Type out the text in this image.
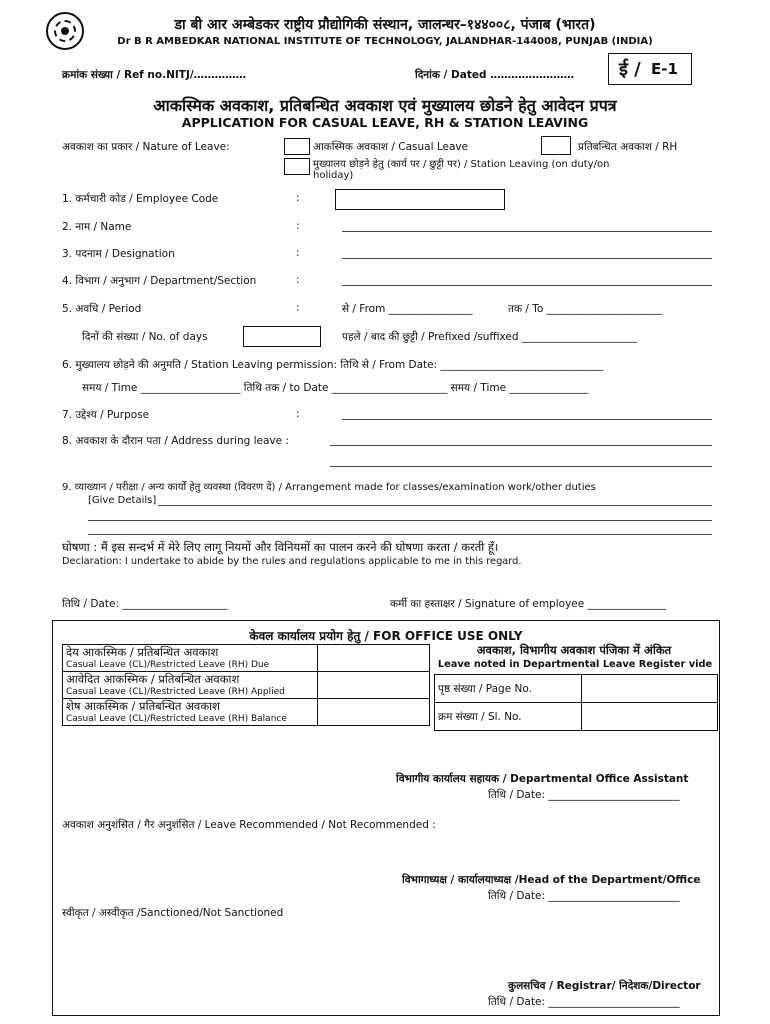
डा बी आर अम्बेडकर राष्ट्रीय प्रौद्योगिकी संस्थान, जालन्धर–१४४००८, पंजाब (भारत)
Dr B R AMBEDKAR NATIONAL INSTITUTE OF TECHNOLOGY, JALANDHAR-144008, PUNJAB (INDIA)
क्रमांक संख्या / Ref no.NITJ/……………	दिनांक / Dated …………………… ई / E-1
आकस्मिक अवकाश, प्रतिबन्धित अवकाश एवं मुख्यालय छोडने हेतु आवेदन प्रपत्र
APPLICATION FOR CASUAL LEAVE, RH & STATION LEAVING
अवकाश का प्रकार / Nature of Leave:	आकस्मिक अवकाश / Casual Leave	प्रतिबन्धित अवकाश / RH
मुख्यालय छोड़ने हेतु (कार्य पर / छुट्टी पर) / Station Leaving (on duty/on
holiday)
1. कर्मचारी कोड / Employee Code	:
2. नाम / Name	:
3. पदनाम / Designation	:
4. विभाग / अनुभाग / Department/Section	:
5. अवधि / Period	:	से / From ________________	तक / To ______________________
दिनों की संख्या / No. of days	पहले / बाद की छुट्टी / Prefixed /suffixed ______________________
6. मुख्यालय छोड़ने की अनुमति / Station Leaving permission: तिथि से / From Date: _______________________________
समय / Time ___________________ तिथि तक / to Date ______________________ समय / Time _______________
7. उद्देश्य / Purpose	:
8. अवकाश के दौरान पता / Address during leave :
9. व्याख्यान / परीक्षा / अन्य कार्यों हेतु व्यवस्था (विवरण दें) / Arrangement made for classes/examination work/other duties
[Give Details]
घोषणा : मैं इस सन्दर्भ में मेरे लिए लागू नियमों और विनियमों का पालन करने की घोषणा करता / करती हूँ।
Declaration: I undertake to abide by the rules and regulations applicable to me in this regard.
तिथि / Date: ____________________	कर्मी का हस्ताक्षर / Signature of employee _______________
केवल कार्यालय प्रयोग हेतु / FOR OFFICE USE ONLY
देय आकस्मिक / प्रतिबन्धित अवकाश
Casual Leave (CL)/Restricted Leave (RH) Due	

आवेदित आकस्मिक / प्रतिबन्धित अवकाश
Casual Leave (CL)/Restricted Leave (RH) Applied	

शेष आकस्मिक / प्रतिबन्धित अवकाश
Casual Leave (CL)/Restricted Leave (RH) Balance	

अवकाश, विभागीय अवकाश पंजिका में अंकित
Leave noted in Departmental Leave Register vide
पृष्ठ संख्या / Page No.	
क्रम संख्या / Sl. No.	
विभागीय कार्यालय सहायक / Departmental Office Assistant
तिथि / Date: _________________________
अवकाश अनुशंसित / गैर अनुशंसित / Leave Recommended / Not Recommended :
विभागाध्यक्ष / कार्यालयाध्यक्ष /Head of the Department/Office
तिथि / Date: _________________________
स्वीकृत / अस्वीकृत /Sanctioned/Not Sanctioned
कुलसचिव / Registrar/ निदेशक/Director
तिथि / Date: _________________________
